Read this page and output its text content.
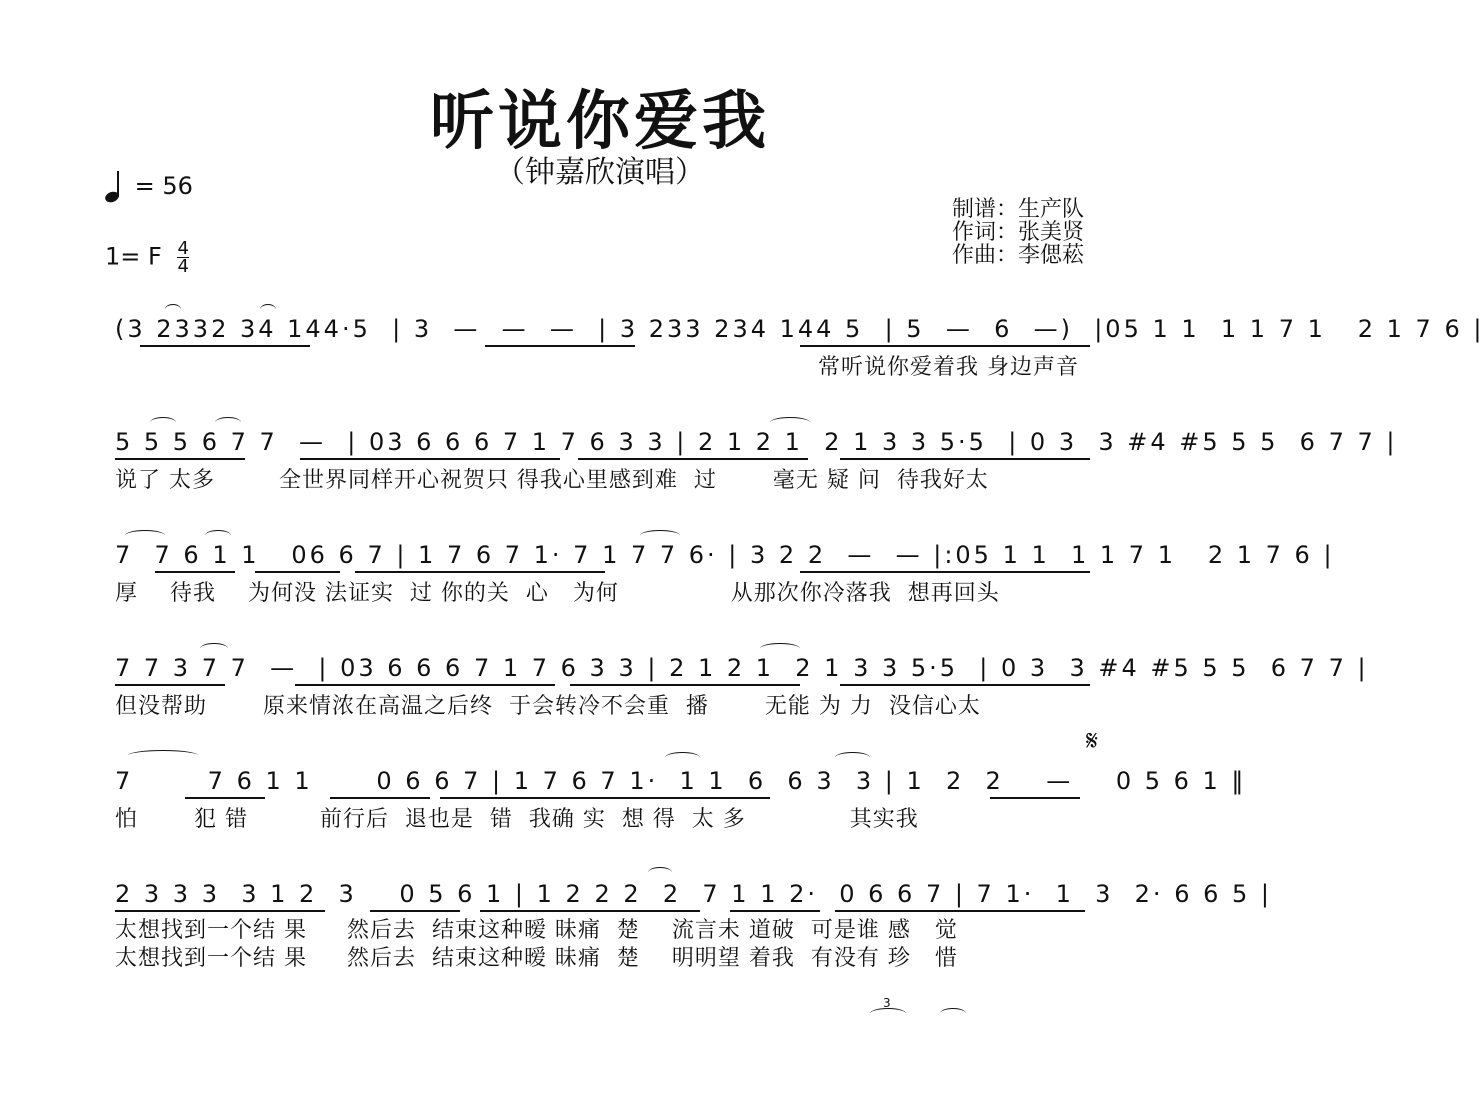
听说你爱我
（钟嘉欣演唱）
= 56
1= F $\frac{4}{4}$
制谱：生产队
作词：张美贤
作曲：李偲菘
(3 2332 34 144·5  | 3  —  —  —  | 3 233 234 144 5  | 5  —  6  —)  |05 1 1  1 1 7 1   2 1 7 6 |
常听说你爱着我 身边声音
5 5 5 6 7 7  —  | 03 6 6 6 7 1 7 6 3 3 | 2 1 2 1  2 1 3 3 5·5  | 0 3  3 #4 #5 5 5  6 7 7 |
说了 太多        全世界同样开心祝贺只 得我心里感到难  过       毫无 疑 问  待我好太
7  7 6 1 1   06 6 7 | 1 7 6 7 1· 7 1 7 7 6· | 3 2 2  —  — |:05 1 1  1 1 7 1   2 1 7 6 |
厚    待我    为何没 法证实  过 你的关  心   为何              从那次你冷落我  想再回头
7 7 3 7 7  —  | 03 6 6 6 7 1 7 6 3 3 | 2 1 2 1  2 1 3 3 5·5  | 0 3  3 #4 #5 5 5  6 7 7 |
但没帮助       原来情浓在高温之后终  于会转冷不会重  播       无能 为 力  没信心太
𝄋
7       7 6 1 1      0 6 6 7 | 1 7 6 7 1·  1 1  6  6 3  3 | 1  2  2    —    0 5 6 1 ‖
怕       犯 错         前行后  退也是  错  我确 实  想 得  太 多             其实我
2 3 3 3  3 1 2  3    0 5 6 1 | 1 2 2 2  2  7 1 1 2·  0 6 6 7 | 7 1·  1  3  2· 6 6 5 |
太想找到一个结 果     然后去  结束这种暧 昧痛  楚    流言未 道破  可是谁 感   觉
太想找到一个结 果     然后去  结束这种暧 昧痛  楚    明明望 着我  有没有 珍   惜
3
